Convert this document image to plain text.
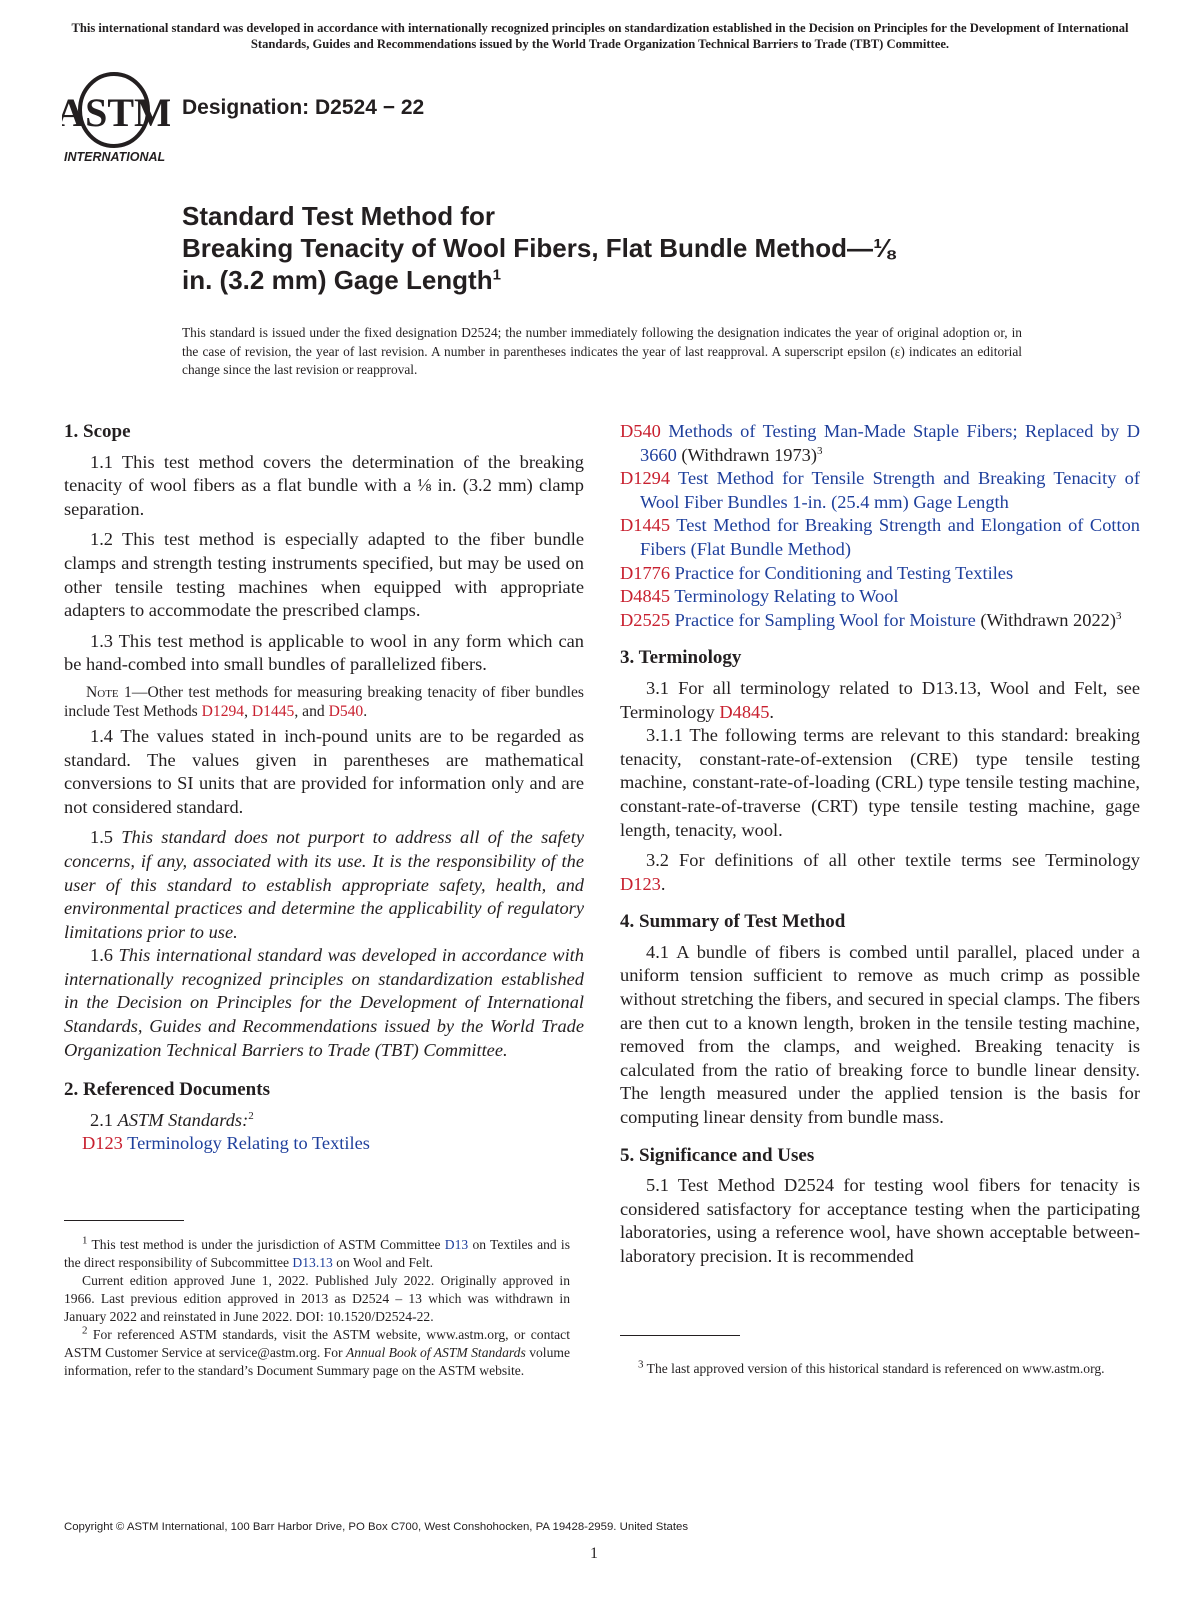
This international standard was developed in accordance with internationally recognized principles on standardization established in the Decision on Principles for the Development of International Standards, Guides and Recommendations issued by the World Trade Organization Technical Barriers to Trade (TBT) Committee.
ASTM
INTERNATIONAL
Designation: D2524 − 22
Standard Test Method for
Breaking Tenacity of Wool Fibers, Flat Bundle Method—⅛
in. (3.2 mm) Gage Length$^1$
This standard is issued under the fixed designation D2524; the number immediately following the designation indicates the year of original adoption or, in the case of revision, the year of last revision. A number in parentheses indicates the year of last reapproval. A superscript epsilon (ε) indicates an editorial change since the last revision or reapproval.

1. Scope

1.1 This test method covers the determination of the breaking tenacity of wool fibers as a flat bundle with a ⅛ in. (3.2 mm) clamp separation.

1.2 This test method is especially adapted to the fiber bundle clamps and strength testing instruments specified, but may be used on other tensile testing machines when equipped with appropriate adapters to accommodate the prescribed clamps.

1.3 This test method is applicable to wool in any form which can be hand-combed into small bundles of parallelized fibers.

Note 1—Other test methods for measuring breaking tenacity of fiber bundles include Test Methods D1294, D1445, and D540.

1.4 The values stated in inch-pound units are to be regarded as standard. The values given in parentheses are mathematical conversions to SI units that are provided for information only and are not considered standard.

1.5 This standard does not purport to address all of the safety concerns, if any, associated with its use. It is the responsibility of the user of this standard to establish appropriate safety, health, and environmental practices and determine the applicability of regulatory limitations prior to use.

1.6 This international standard was developed in accordance with internationally recognized principles on standardization established in the Decision on Principles for the Development of International Standards, Guides and Recommendations issued by the World Trade Organization Technical Barriers to Trade (TBT) Committee.

2. Referenced Documents

2.1 ASTM Standards:$^2$

D123 Terminology Relating to Textiles

$^1$ This test method is under the jurisdiction of ASTM Committee D13 on Textiles and is the direct responsibility of Subcommittee D13.13 on Wool and Felt.

Current edition approved June 1, 2022. Published July 2022. Originally approved in 1966. Last previous edition approved in 2013 as D2524 – 13 which was withdrawn in January 2022 and reinstated in June 2022. DOI: 10.1520/D2524-22.

$^2$ For referenced ASTM standards, visit the ASTM website, www.astm.org, or contact ASTM Customer Service at service@astm.org. For Annual Book of ASTM Standards volume information, refer to the standard’s Document Summary page on the ASTM website.

D540 Methods of Testing Man-Made Staple Fibers; Replaced by D 3660 (Withdrawn 1973)$^3$

D1294 Test Method for Tensile Strength and Breaking Tenacity of Wool Fiber Bundles 1-in. (25.4 mm) Gage Length

D1445 Test Method for Breaking Strength and Elongation of Cotton Fibers (Flat Bundle Method)

D1776 Practice for Conditioning and Testing Textiles

D4845 Terminology Relating to Wool

D2525 Practice for Sampling Wool for Moisture (Withdrawn 2022)$^3$

3. Terminology

3.1 For all terminology related to D13.13, Wool and Felt, see Terminology D4845.

3.1.1 The following terms are relevant to this standard: breaking tenacity, constant-rate-of-extension (CRE) type tensile testing machine, constant-rate-of-loading (CRL) type tensile testing machine, constant-rate-of-traverse (CRT) type tensile testing machine, gage length, tenacity, wool.

3.2 For definitions of all other textile terms see Terminology D123.

4. Summary of Test Method

4.1 A bundle of fibers is combed until parallel, placed under a uniform tension sufficient to remove as much crimp as possible without stretching the fibers, and secured in special clamps. The fibers are then cut to a known length, broken in the tensile testing machine, removed from the clamps, and weighed. Breaking tenacity is calculated from the ratio of breaking force to bundle linear density. The length measured under the applied tension is the basis for computing linear density from bundle mass.

5. Significance and Uses

5.1 Test Method D2524 for testing wool fibers for tenacity is considered satisfactory for acceptance testing when the participating laboratories, using a reference wool, have shown acceptable between-laboratory precision. It is recommended

$^3$ The last approved version of this historical standard is referenced on www.astm.org.

Copyright © ASTM International, 100 Barr Harbor Drive, PO Box C700, West Conshohocken, PA 19428-2959. United States
1
